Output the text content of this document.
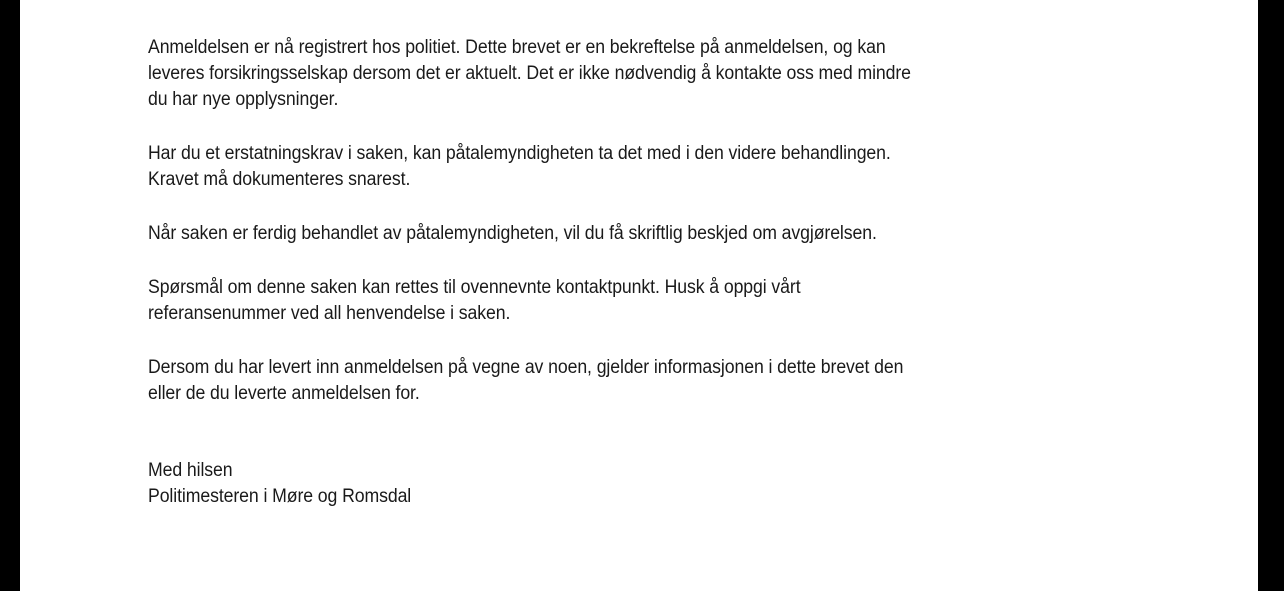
Anmeldelsen er nå registrert hos politiet. Dette brevet er en bekreftelse på anmeldelsen, og kan
leveres forsikringsselskap dersom det er aktuelt. Det er ikke nødvendig å kontakte oss med mindre
du har nye opplysninger.

Har du et erstatningskrav i saken, kan påtalemyndigheten ta det med i den videre behandlingen.
Kravet må dokumenteres snarest.

Når saken er ferdig behandlet av påtalemyndigheten, vil du få skriftlig beskjed om avgjørelsen.

Spørsmål om denne saken kan rettes til ovennevnte kontaktpunkt. Husk å oppgi vårt
referansenummer ved all henvendelse i saken.

Dersom du har levert inn anmeldelsen på vegne av noen, gjelder informasjonen i dette brevet den
eller de du leverte anmeldelsen for.

Med hilsen
Politimesteren i Møre og Romsdal
